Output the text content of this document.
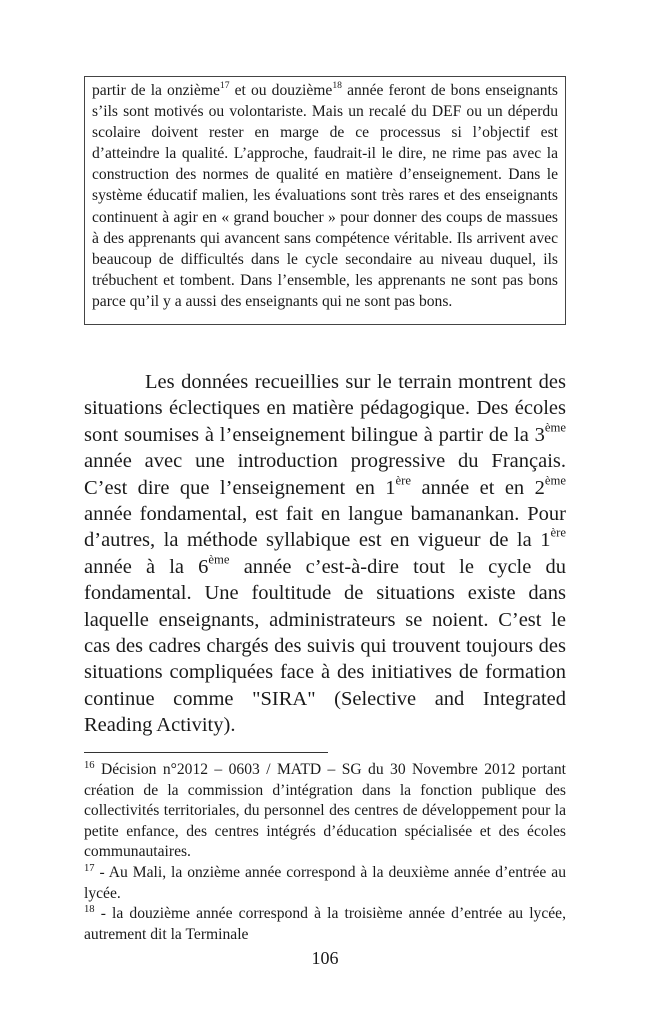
partir de la onzième$^{17}$ et ou douzième$^{18}$ année feront de bons enseignants s’ils sont motivés ou volontariste. Mais un recalé du DEF ou un déperdu scolaire doivent rester en marge de ce processus si l’objectif est d’atteindre la qualité. L’approche, faudrait-il le dire, ne rime pas avec la construction des normes de qualité en matière d’enseignement. Dans le système éducatif malien, les évaluations sont très rares et des enseignants continuent à agir en « grand boucher » pour donner des coups de massues à des apprenants qui avancent sans compétence véritable. Ils arrivent avec beaucoup de difficultés dans le cycle secondaire au niveau duquel, ils trébuchent et tombent. Dans l’ensemble, les apprenants ne sont pas bons parce qu’il y a aussi des enseignants qui ne sont pas bons.

Les données recueillies sur le terrain montrent des situations éclectiques en matière pédagogique. Des écoles sont soumises à l’enseignement bilingue à partir de la 3ème année avec une introduction progressive du Français. C’est dire que l’enseignement en 1ère année et en 2ème année fondamental, est fait en langue bamanankan. Pour d’autres, la méthode syllabique est en vigueur de la 1ère année à la 6ème année c’est-à-dire tout le cycle du fondamental. Une foultitude de situations existe dans laquelle enseignants, administrateurs se noient. C’est le cas des cadres chargés des suivis qui trouvent toujours des situations compliquées face à des initiatives de formation continue comme "SIRA" (Selective and Integrated Reading Activity).

$^{16}$ Décision n°2012 – 0603 / MATD – SG du 30 Novembre 2012 portant création de la commission d’intégration dans la fonction publique des collectivités territoriales, du personnel des centres de développement pour la petite enfance, des centres intégrés d’éducation spécialisée et des écoles communautaires.

$^{17}$ - Au Mali, la onzième année correspond à la deuxième année d’entrée au lycée.

$^{18}$ - la douzième année correspond à la troisième année d’entrée au lycée, autrement dit la Terminale

106
